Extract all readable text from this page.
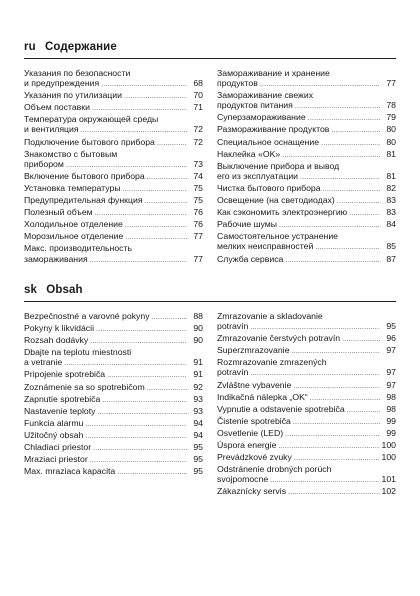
ru Содержание
Указания по безопасности
и предупреждения .....	68
Указания по утилизации .....	70
Объем поставки .....	71
Температура окружающей среды
и вентиляция .....	72
Подключение бытового прибора .....	72
Знакомство с бытовым
прибором .....	73
Включение бытового прибора .....	74
Установка температуры .....	75
Предупредительная функция .....	75
Полезный объем .....	76
Холодильное отделение .....	76
Морозильное отделение .....	77
Макс. производительность
замораживания .....	77
Замораживание и хранение
продуктов .....	77
Замораживание свежих
продуктов питания .....	78
Суперзамораживание .....	79
Размораживание продуктов .....	80
Специальное оснащение .....	80
Наклейка «OK» .....	81
Выключение прибора и вывод
его из эксплуатации .....	81
Чистка бытового прибора .....	82
Освещение (на светодиодах) .....	83
Как сэкономить электроэнергию .....	83
Рабочие шумы .....	84
Самостоятельное устранение
мелких неисправностей .....	85
Служба сервиса .....	87
sk Obsah
Bezpečnostné a varovné pokyny .....	88
Pokyny k likvidácii .....	90
Rozsah dodávky .....	90
Dbajte na teplotu miestnosti
a vetranie .....	91
Pripojenie spotrebiča .....	91
Zoznámenie sa so spotrebičom .....	92
Zapnutie spotrebiča .....	93
Nastavenie teploty .....	93
Funkcia alarmu .....	94
Užitočný obsah .....	94
Chladiaci priestor .....	95
Mraziaci priestor .....	95
Max. mraziaca kapacita .....	95
Zmrazovanie a skladovanie
potravín .....	95
Zmrazovanie čerstvých potravín .....	96
Superzmrazovanie .....	97
Rozmrazovanie zmrazených
potravín .....	97
Zvláštne vybavenie .....	97
Indikačná nálepka „OK“ .....	98
Vypnutie a odstavenie spotrebiča .....	98
Čistenie spotrebiča .....	99
Osvetlenie (LED) .....	99
Úspora energie .....	100
Prevádzkové zvuky .....	100
Odstránenie drobných porúch
svojpomocne .....	101
Zákaznícky servis .....	102
